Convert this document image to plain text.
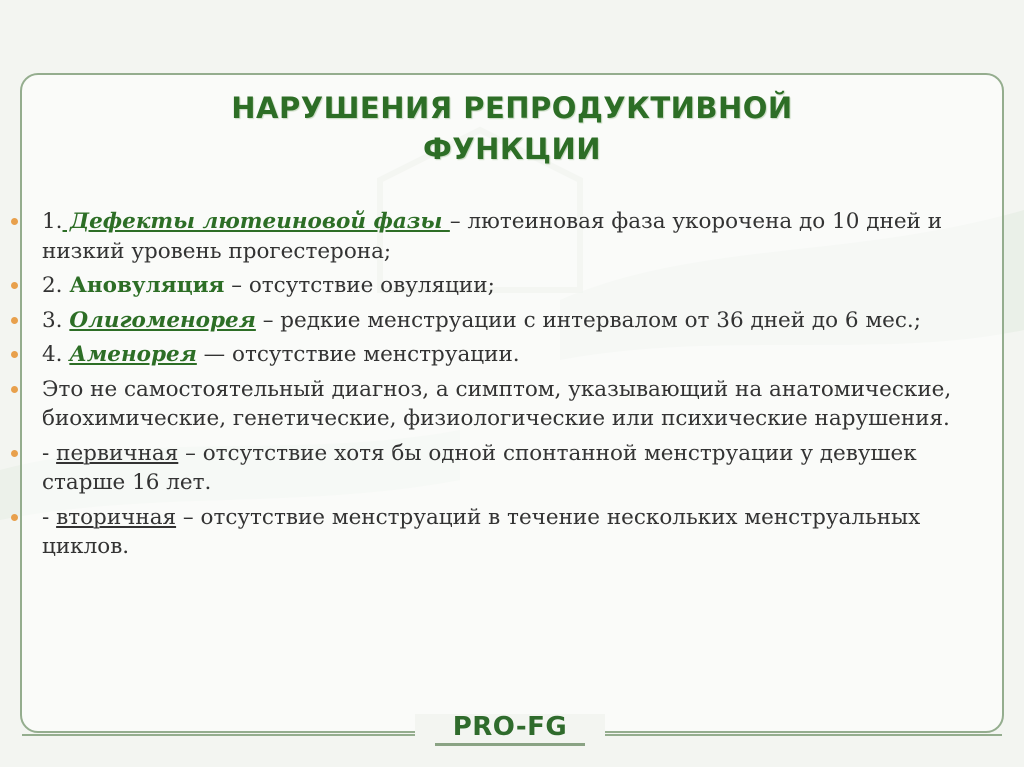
НАРУШЕНИЯ РЕПРОДУКТИВНОЙ
ФУНКЦИИ
1. Дефекты лютеиновой фазы – лютеиновая фаза укорочена до 10 дней и низкий уровень прогестерона;
2. Ановуляция – отсутствие овуляции;
3. Олигоменорея – редкие менструации с интервалом от 36 дней до 6 мес.;
4. Аменорея — отсутствие менструации.
Это не самостоятельный диагноз, а симптом, указывающий на анатомические, биохимические, генетические, физиологические или психические нарушения.
- первичная – отсутствие хотя бы одной спонтанной менструации у девушек старше 16 лет.
- вторичная – отсутствие менструаций в течение нескольких менструальных циклов.
PRO-FG
